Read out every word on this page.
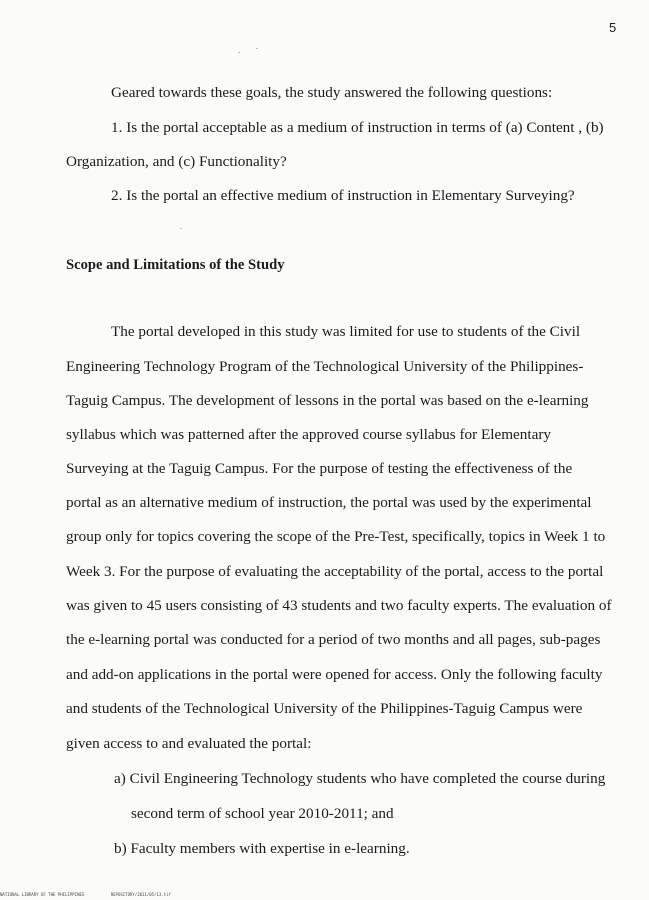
5
Geared towards these goals, the study answered the following questions:
1. Is the portal acceptable as a medium of instruction in terms of (a) Content , (b)
Organization, and (c) Functionality?
2. Is the portal an effective medium of instruction in Elementary Surveying?
Scope and Limitations of the Study
The portal developed in this study was limited for use to students of the Civil
Engineering Technology Program of the Technological University of the Philippines-
Taguig Campus. The development of lessons in the portal was based on the e-learning
syllabus which was patterned after the approved course syllabus for Elementary
Surveying at the Taguig Campus. For the purpose of testing the effectiveness of the
portal as an alternative medium of instruction, the portal was used by the experimental
group only for topics covering the scope of the Pre-Test, specifically, topics in Week 1 to
Week 3. For the purpose of evaluating the acceptability of the portal, access to the portal
was given to 45 users consisting of 43 students and two faculty experts. The evaluation of
the e-learning portal was conducted for a period of two months and all pages, sub-pages
and add-on applications in the portal were opened for access. Only the following faculty
and students of the Technological University of the Philippines-Taguig Campus were
given access to and evaluated the portal:
a) Civil Engineering Technology students who have completed the course during
second term of school year 2010-2011; and
b) Faculty members with expertise in e-learning.
NATIONAL LIBRARY OF THE PHILIPPINES	REPOSITORY/2011/05/13.tif
